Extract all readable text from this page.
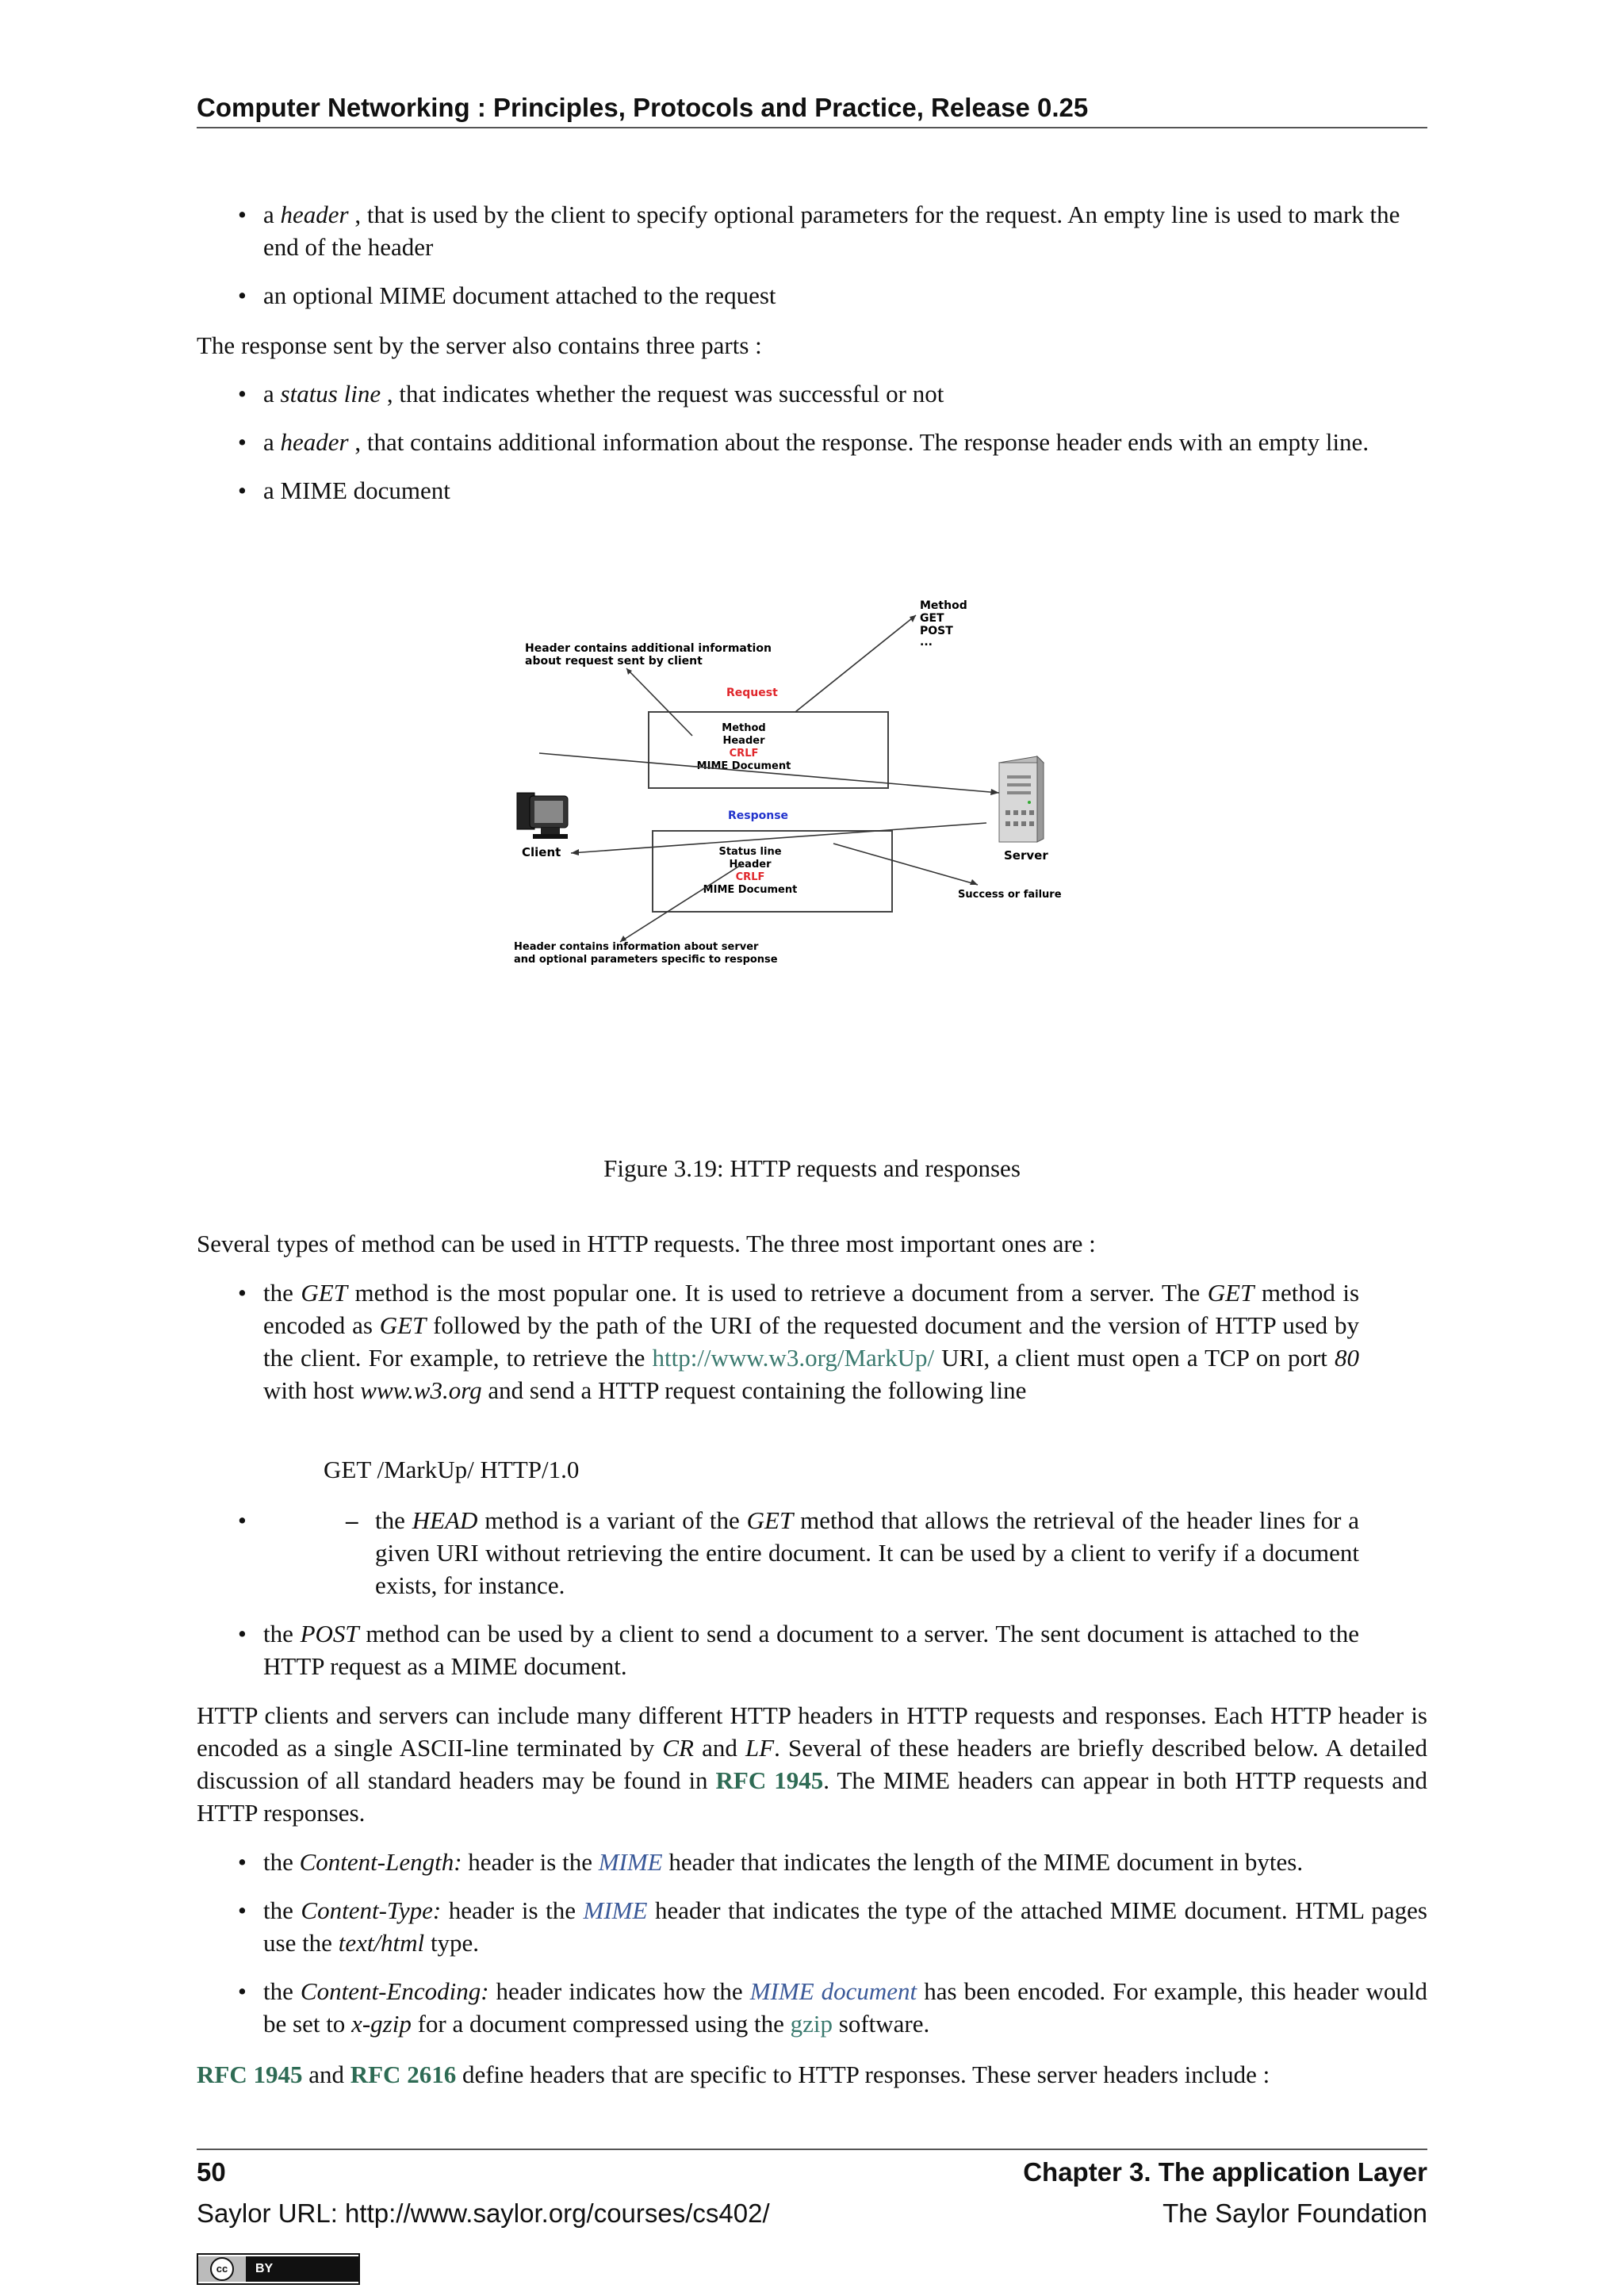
Computer Networking : Principles, Protocols and Practice, Release 0.25
• a header , that is used by the client to specify optional parameters for the request. An empty line is used to mark the end of the header
• an optional MIME document attached to the request

The response sent by the server also contains three parts :

• a status line , that indicates whether the request was successful or not
• a header , that contains additional information about the response. The response header ends with an empty line.
• a MIME document
Method
GET
POST
...
Header contains additional information
about request sent by client
Request
Method
Header
CRLF
MIME Document
Response
Status line
Header
CRLF
MIME Document
Client	Server
Success or failure
Header contains information about server
and optional parameters specific to response
Figure 3.19: HTTP requests and responses

Several types of method can be used in HTTP requests. The three most important ones are :

• the GET method is the most popular one. It is used to retrieve a document from a server. The GET method is encoded as GET followed by the path of the URI of the requested document and the version of HTTP used by the client. For example, to retrieve the http://www.w3.org/MarkUp/ URI, a client must open a TCP on port 80 with host www.w3.org and send a HTTP request containing the following line
GET /MarkUp/ HTTP/1.0
• – the HEAD method is a variant of the GET method that allows the retrieval of the header lines for a given URI without retrieving the entire document. It can be used by a client to verify if a document exists, for instance.
• the POST method can be used by a client to send a document to a server. The sent document is attached to the HTTP request as a MIME document.

HTTP clients and servers can include many different HTTP headers in HTTP requests and responses. Each HTTP header is encoded as a single ASCII-line terminated by CR and LF. Several of these headers are briefly described below. A detailed discussion of all standard headers may be found in RFC 1945. The MIME headers can appear in both HTTP requests and HTTP responses.

• the Content-Length: header is the MIME header that indicates the length of the MIME document in bytes.
• the Content-Type: header is the MIME header that indicates the type of the attached MIME document. HTML pages use the text/html type.
• the Content-Encoding: header indicates how the MIME document has been encoded. For example, this header would be set to x-gzip for a document compressed using the gzip software.

RFC 1945 and RFC 2616 define headers that are specific to HTTP responses. These server headers include :

50	Chapter 3. The application Layer
Saylor URL: http://www.saylor.org/courses/cs402/	The Saylor Foundation
cc	BY
